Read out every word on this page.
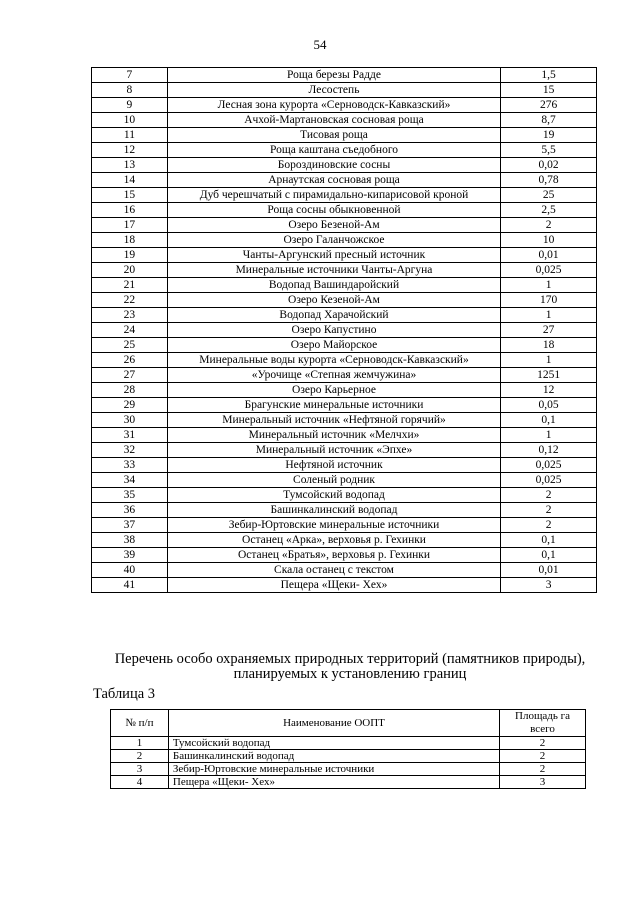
54
7	Роща березы Радде	1,5
8	Лесостепь	15
9	Лесная зона курорта «Серноводск-Кавказский»	276
10	Ачхой-Мартановская сосновая роща	8,7
11	Тисовая роща	19
12	Роща каштана съедобного	5,5
13	Бороздиновские сосны	0,02
14	Арнаутская сосновая роща	0,78
15	Дуб черешчатый с пирамидально-кипарисовой кроной	25
16	Роща сосны обыкновенной	2,5
17	Озеро Безеной-Ам	2
18	Озеро Галанчожское	10
19	Чанты-Аргунский пресный источник	0,01
20	Минеральные источники Чанты-Аргуна	0,025
21	Водопад Вашиндаройский	1
22	Озеро Кезеной-Ам	170
23	Водопад Харачойский	1
24	Озеро Капустино	27
25	Озеро Майорское	18
26	Минеральные воды курорта «Серноводск-Кавказский»	1
27	«Урочище «Степная жемчужина»	1251
28	Озеро Карьерное	12
29	Брагунские минеральные источники	0,05
30	Минеральный источник «Нефтяной горячий»	0,1
31	Минеральный источник «Мелчхи»	1
32	Минеральный источник «Эпхе»	0,12
33	Нефтяной источник	0,025
34	Соленый родник	0,025
35	Тумсойский водопад	2
36	Башинкалинский водопад	2
37	Зебир-Юртовские минеральные источники	2
38	Останец «Арка», верховья р. Гехинки	0,1
39	Останец «Братья», верховья р. Гехинки	0,1
40	Скала останец с текстом	0,01
41	Пещера «Щеки- Хех»	3
Перечень особо охраняемых природных территорий (памятников природы),
планируемых к установлению границ
Таблица 3
№ п/п	Наименование ООПТ	Площадь га
всего

1	Тумсойский водопад	2
2	Башинкалинский водопад	2
3	Зебир-Юртовские минеральные источники	2
4	Пещера «Щеки- Хех»	3
